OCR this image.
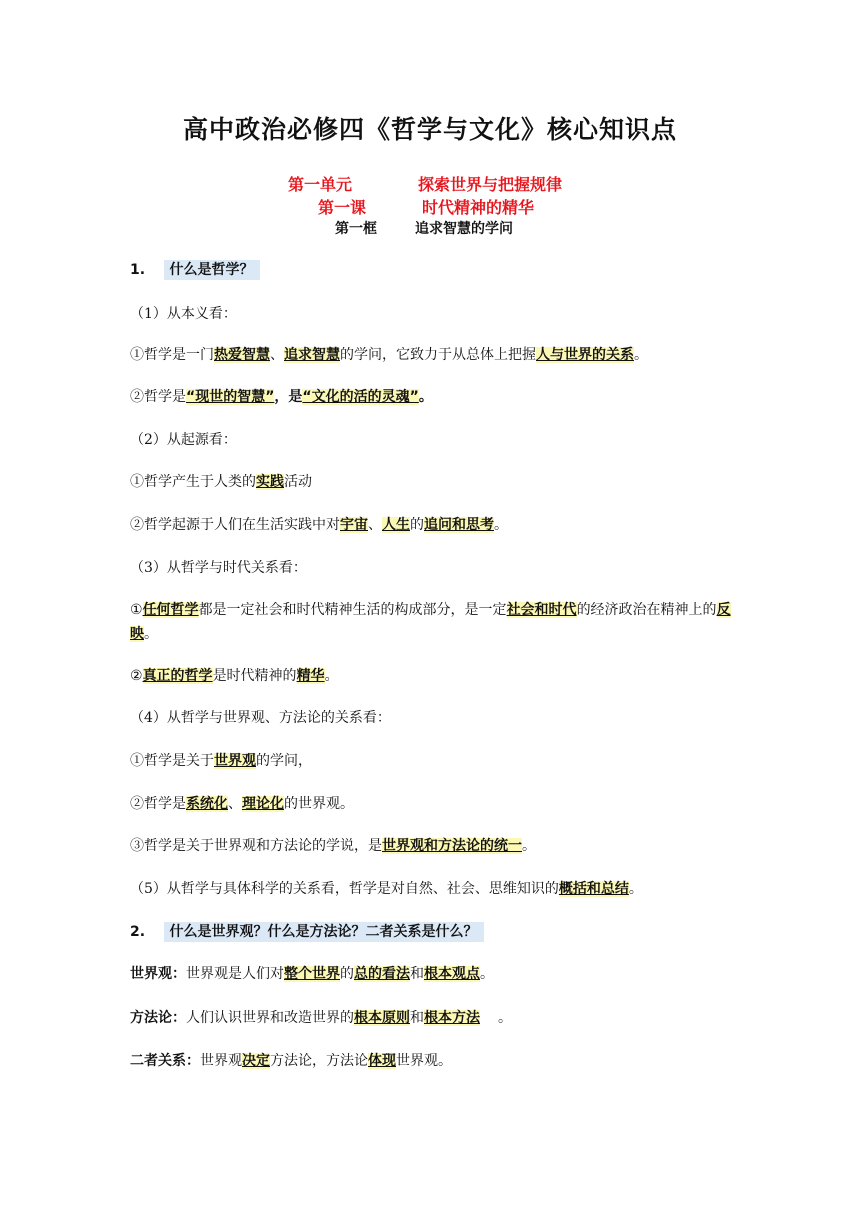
高中政治必修四《哲学与文化》核心知识点
第一单元	探索世界与把握规律
第一课	时代精神的精华
第一框	追求智慧的学问
1. 什么是哲学？
（1）从本义看：
①哲学是一门热爱智慧、追求智慧的学问，它致力于从总体上把握人与世界的关系。
②哲学是“现世的智慧”，是“文化的活的灵魂”。
（2）从起源看：
①哲学产生于人类的实践活动
②哲学起源于人们在生活实践中对宇宙、人生的追问和思考。
（3）从哲学与时代关系看：
①任何哲学都是一定社会和时代精神生活的构成部分，是一定社会和时代的经济政治在精神上的反映。
②真正的哲学是时代精神的精华。
（4）从哲学与世界观、方法论的关系看：
①哲学是关于世界观的学问，
②哲学是系统化、理论化的世界观。
③哲学是关于世界观和方法论的学说，是世界观和方法论的统一。
（5）从哲学与具体科学的关系看，哲学是对自然、社会、思维知识的概括和总结。
2. 什么是世界观？什么是方法论？二者关系是什么？
世界观：世界观是人们对整个世界的总的看法和根本观点。
方法论：人们认识世界和改造世界的根本原则和根本方法 。
二者关系：世界观决定方法论，方法论体现世界观。
